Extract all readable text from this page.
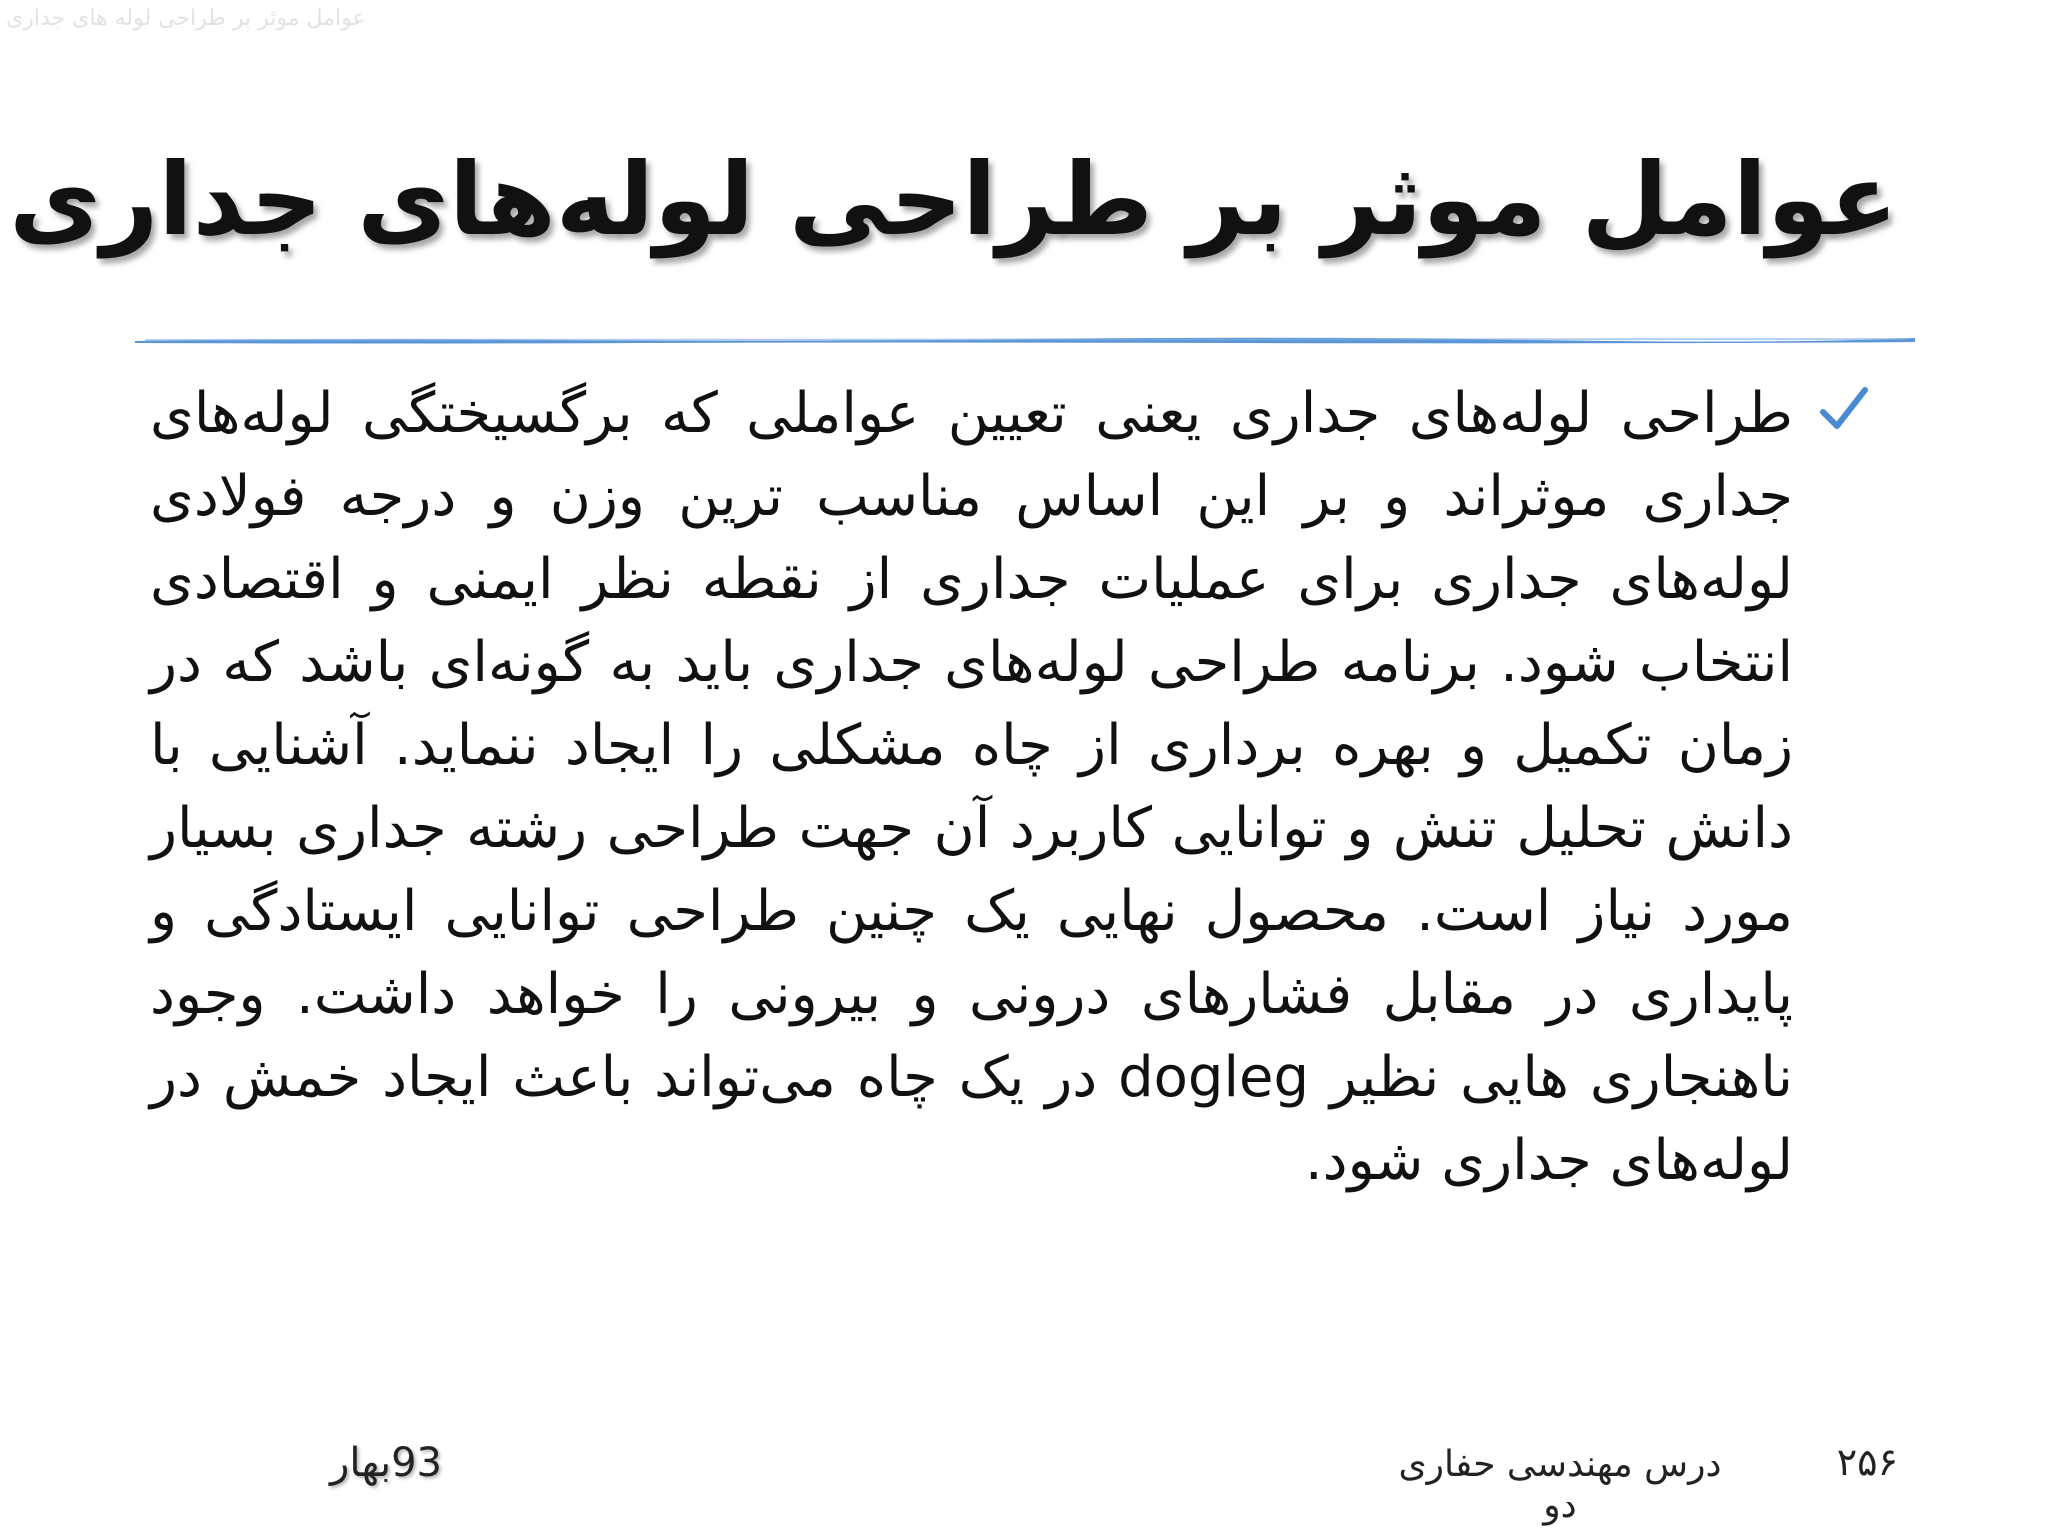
عوامل موثر بر طراحی لوله های جداری
عوامل موثر بر طراحی لوله‌های جداری

طراحی لوله‌های جداری یعنی تعیین عواملی که برگسیختگی لوله‌های جداری موثراند و بر این اساس مناسب ترین وزن و درجه فولادی لوله‌های جداری برای عملیات جداری از نقطه نظر ایمنی و اقتصادی انتخاب شود. برنامه طراحی لوله‌های جداری باید به گونه‌ای باشد که در زمان تکمیل و بهره برداری از چاه مشکلی را ایجاد ننماید. آشنایی با دانش تحلیل تنش و توانایی کاربرد آن جهت طراحی رشته جداری بسیار مورد نیاز است. محصول نهایی یک چنین طراحی توانایی ایستادگی و پایداری در مقابل فشارهای درونی و بیرونی را خواهد داشت. وجود ناهنجاری هایی نظیر dogleg در یک چاه می‌تواند باعث ایجاد خمش در لوله‌های جداری شود.

۲۵۶
درس مهندسی حفاری دو
93بهار
